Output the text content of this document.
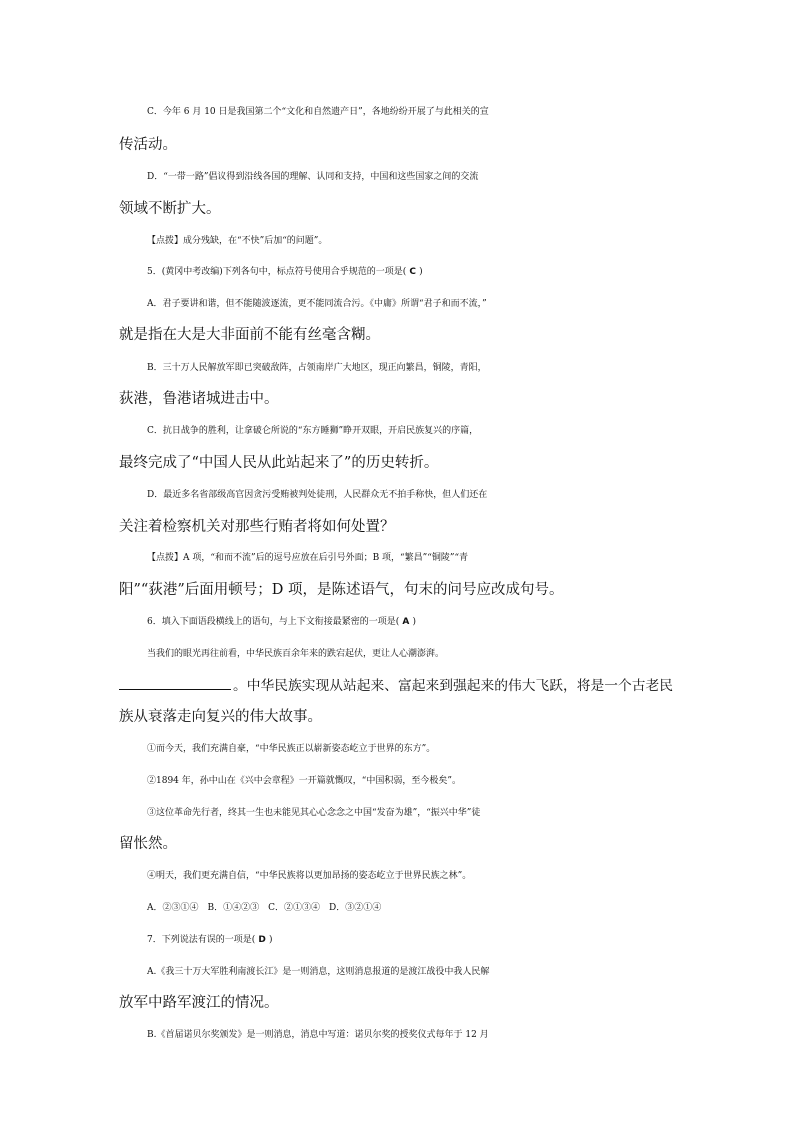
C．今年 6 月 10 日是我国第二个“文化和自然遗产日”，各地纷纷开展了与此相关的宣
传活动。
D．“一带一路”倡议得到沿线各国的理解、认同和支持，中国和这些国家之间的交流
领域不断扩大。
【点拨】成分残缺，在“不快”后加“的问题”。
5．(黄冈中考改编)下列各句中，标点符号使用合乎规范的一项是( C )
A．君子要讲和谐，但不能随波逐流，更不能同流合污。《中庸》所谓“君子和而不流，”
就是指在大是大非面前不能有丝毫含糊。
B．三十万人民解放军即已突破敌阵，占领南岸广大地区，现正向繁昌，铜陵，青阳，
荻港，鲁港诸城进击中。
C．抗日战争的胜利，让拿破仑所说的“东方睡狮”睁开双眼，开启民族复兴的序篇，
最终完成了“中国人民从此站起来了”的历史转折。
D．最近多名省部级高官因贪污受贿被判处徒刑，人民群众无不拍手称快，但人们还在
关注着检察机关对那些行贿者将如何处置？
【点拨】A 项，“和而不流”后的逗号应放在后引号外面；B 项，“繁昌”“铜陵”“青
阳”“荻港”后面用顿号；D 项，是陈述语气，句末的问号应改成句号。
6．填入下面语段横线上的语句，与上下文衔接最紧密的一项是( A )
当我们的眼光再往前看，中华民族百余年来的跌宕起伏，更让人心潮澎湃。
。中华民族实现从站起来、富起来到强起来的伟大飞跃，将是一个古老民
族从衰落走向复兴的伟大故事。
①而今天，我们充满自豪，“中华民族正以崭新姿态屹立于世界的东方”。
②1894 年，孙中山在《兴中会章程》一开篇就慨叹，“中国积弱，至今极矣”。
③这位革命先行者，终其一生也未能见其心心念念之中国“发奋为雄”，“振兴中华”徒
留怅然。
④明天，我们更充满自信，“中华民族将以更加昂扬的姿态屹立于世界民族之林”。
A．②③①④　B．①④②③　C．②①③④　D．③②①④
7．下列说法有误的一项是( D )
A.《我三十万大军胜利南渡长江》是一则消息，这则消息报道的是渡江战役中我人民解
放军中路军渡江的情况。
B.《首届诺贝尔奖颁发》是一则消息，消息中写道：诺贝尔奖的授奖仪式每年于 12 月
